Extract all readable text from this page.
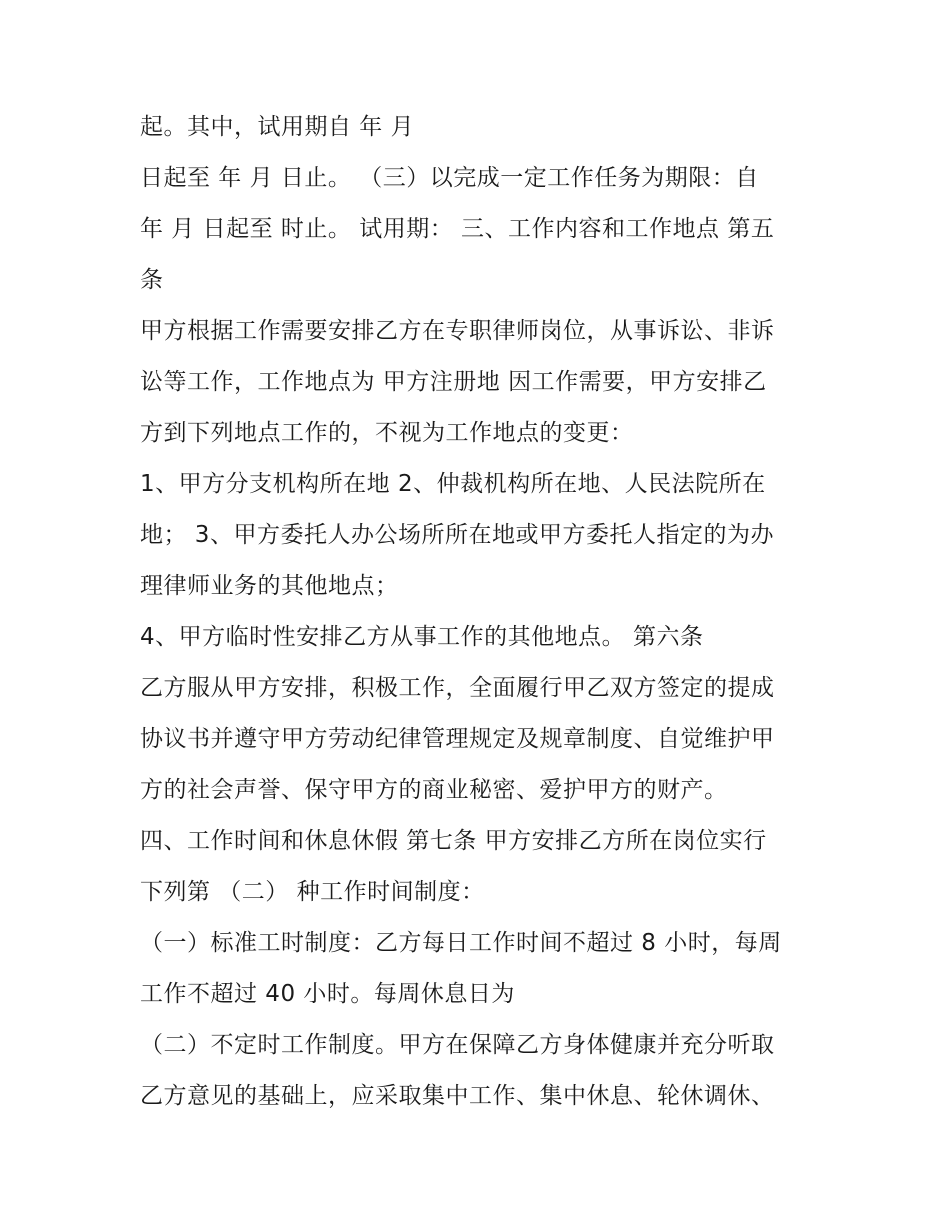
起。其中，试用期自 年 月
日起至 年 月 日止。 （三）以完成一定工作任务为期限：自
年 月 日起至 时止。 试用期： 三、工作内容和工作地点 第五
条
甲方根据工作需要安排乙方在专职律师岗位，从事诉讼、非诉
讼等工作，工作地点为 甲方注册地 因工作需要，甲方安排乙
方到下列地点工作的，不视为工作地点的变更：
1、甲方分支机构所在地 2、仲裁机构所在地、人民法院所在
地； 3、甲方委托人办公场所所在地或甲方委托人指定的为办
理律师业务的其他地点；
4、甲方临时性安排乙方从事工作的其他地点。 第六条
乙方服从甲方安排，积极工作，全面履行甲乙双方签定的提成
协议书并遵守甲方劳动纪律管理规定及规章制度、自觉维护甲
方的社会声誉、保守甲方的商业秘密、爱护甲方的财产。
四、工作时间和休息休假 第七条 甲方安排乙方所在岗位实行
下列第 （二） 种工作时间制度：
（一）标准工时制度：乙方每日工作时间不超过 8 小时，每周
工作不超过 40 小时。每周休息日为
（二）不定时工作制度。甲方在保障乙方身体健康并充分听取
乙方意见的基础上，应采取集中工作、集中休息、轮休调休、
